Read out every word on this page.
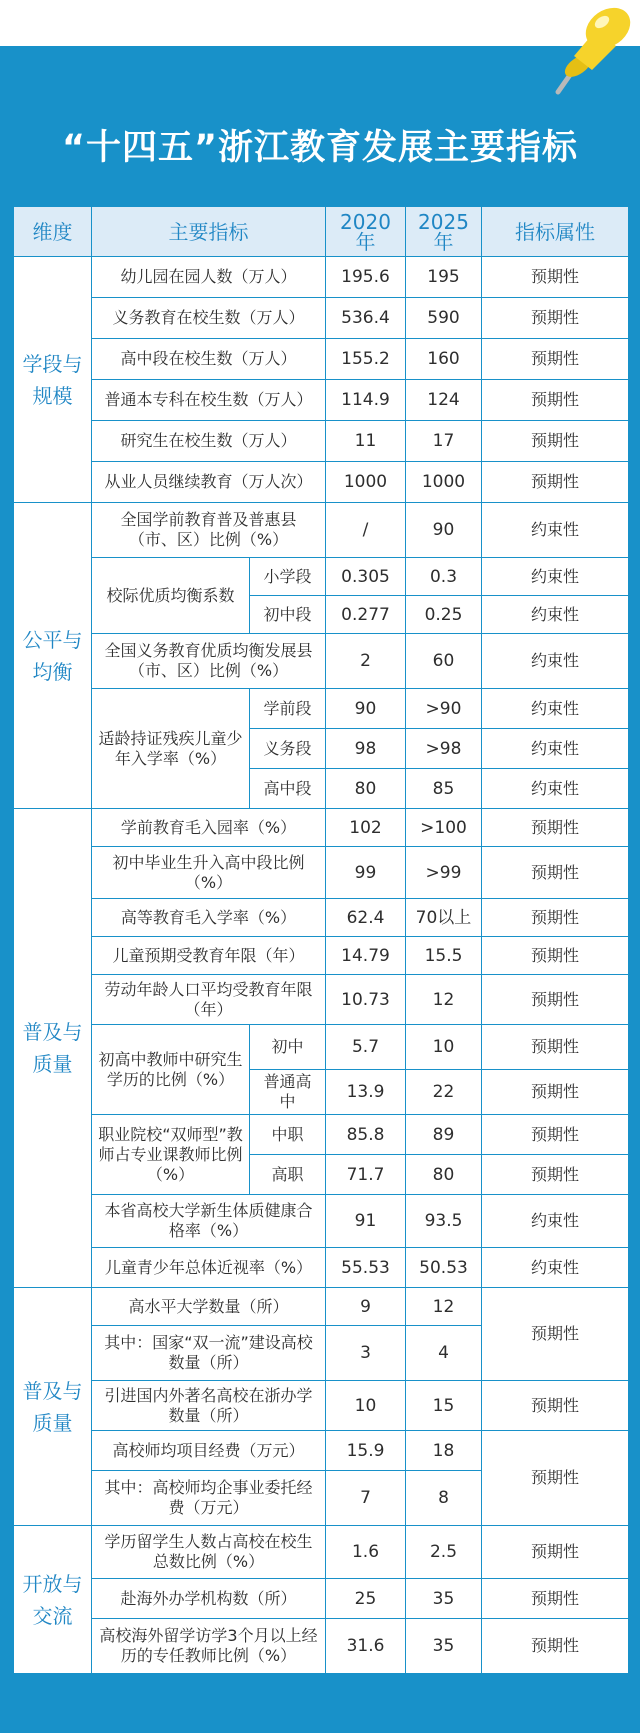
“十四五”浙江教育发展主要指标
维度	主要指标		2020年	2025年	指标属性
学段与
规模	幼儿园在园人数（万人）		195.6	195	预期性
	义务教育在校生数（万人）		536.4	590	预期性
	高中段在校生数（万人）		155.2	160	预期性
	普通本专科在校生数（万人）		114.9	124	预期性
	研究生在校生数（万人）		11	17	预期性
	从业人员继续教育（万人次）		1000	1000	预期性
公平与
均衡	全国学前教育普及普惠县（市、区）比例（%）		/	90	约束性
	校际优质均衡系数	小学段	0.305	0.3	约束性
		初中段	0.277	0.25	约束性
	全国义务教育优质均衡发展县（市、区）比例（%）		2	60	约束性
	适龄持证残疾儿童少年入学率（%）	学前段	90	>90	约束性
		义务段	98	>98	约束性
		高中段	80	85	约束性
普及与
质量	学前教育毛入园率（%）		102	>100	预期性
	初中毕业生升入高中段比例（%）		99	>99	预期性
	高等教育毛入学率（%）		62.4	70以上	预期性
	儿童预期受教育年限（年）		14.79	15.5	预期性
	劳动年龄人口平均受教育年限（年）		10.73	12	预期性
	初高中教师中研究生学历的比例（%）	初中	5.7	10	预期性
		普通高中	13.9	22	预期性
	职业院校“双师型”教师占专业课教师比例（%）	中职	85.8	89	预期性
		高职	71.7	80	预期性
	本省高校大学新生体质健康合格率（%）		91	93.5	约束性
	儿童青少年总体近视率（%）		55.53	50.53	约束性
普及与
质量	高水平大学数量（所）		9	12	预期性
	其中：国家“双一流”建设高校数量（所）		3	4	
	引进国内外著名高校在浙办学数量（所）		10	15	预期性
	高校师均项目经费（万元）		15.9	18	预期性
	其中：高校师均企事业委托经费（万元）		7	8	
开放与
交流	学历留学生人数占高校在校生总数比例（%）		1.6	2.5	预期性
	赴海外办学机构数（所）		25	35	预期性
	高校海外留学访学3个月以上经历的专任教师比例（%）		31.6	35	预期性
